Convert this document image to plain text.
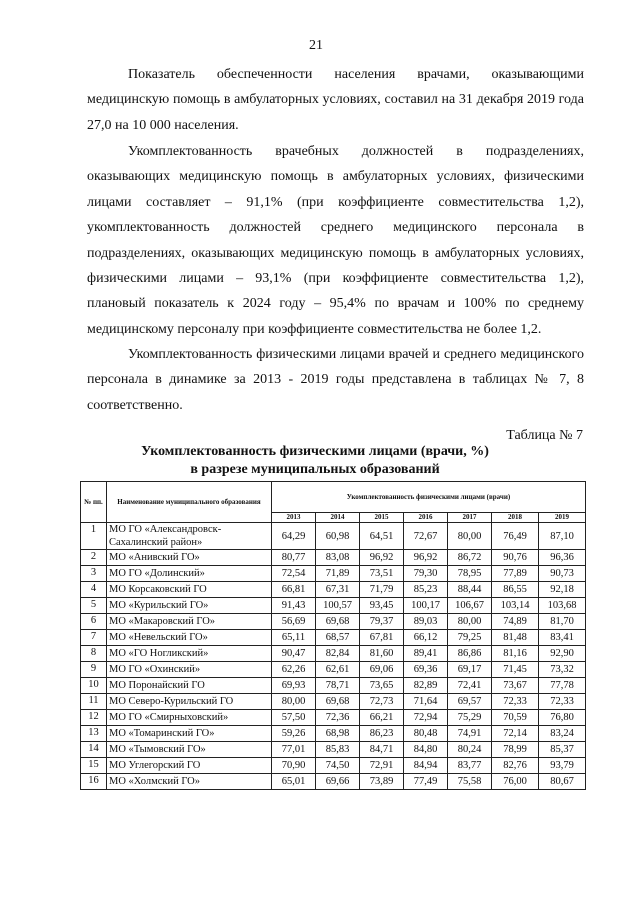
21

Показатель обеспеченности населения врачами, оказывающими медицинскую помощь в амбулаторных условиях, составил на 31 декабря 2019 года 27,0 на 10 000 населения.

Укомплектованность врачебных должностей в подразделениях, оказывающих медицинскую помощь в амбулаторных условиях, физическими лицами составляет – 91,1% (при коэффициенте совместительства 1,2), укомплектованность должностей среднего медицинского персонала в подразделениях, оказывающих медицинскую помощь в амбулаторных условиях, физическими лицами – 93,1% (при коэффициенте совместительства 1,2), плановый показатель к 2024 году – 95,4% по врачам и 100% по среднему медицинскому персоналу при коэффициенте совместительства не более 1,2.

Укомплектованность физическими лицами врачей и среднего медицинского персонала в динамике за 2013 - 2019 годы представлена в таблицах № 7, 8 соответственно.

Таблица № 7
Укомплектованность физическими лицами (врачи, %)
в разрезе муниципальных образований
№ пп.	Наименование муниципального образования	Укомплектованность физическими лицами (врачи)						
		2013	2014	2015	2016	2017	2018	2019
1	МО ГО «Александровск-Сахалинский район»	64,29	60,98	64,51	72,67	80,00	76,49	87,10
2	МО «Анивский ГО»	80,77	83,08	96,92	96,92	86,72	90,76	96,36
3	МО ГО «Долинский»	72,54	71,89	73,51	79,30	78,95	77,89	90,73
4	МО Корсаковский ГО	66,81	67,31	71,79	85,23	88,44	86,55	92,18
5	МО «Курильский ГО»	91,43	100,57	93,45	100,17	106,67	103,14	103,68
6	МО «Макаровский ГО»	56,69	69,68	79,37	89,03	80,00	74,89	81,70
7	МО «Невельский ГО»	65,11	68,57	67,81	66,12	79,25	81,48	83,41
8	МО «ГО Ногликский»	90,47	82,84	81,60	89,41	86,86	81,16	92,90
9	МО ГО «Охинский»	62,26	62,61	69,06	69,36	69,17	71,45	73,32
10	МО Поронайский ГО	69,93	78,71	73,65	82,89	72,41	73,67	77,78
11	МО Северо-Курильский ГО	80,00	69,68	72,73	71,64	69,57	72,33	72,33
12	МО ГО «Смирныховский»	57,50	72,36	66,21	72,94	75,29	70,59	76,80
13	МО «Томаринский ГО»	59,26	68,98	86,23	80,48	74,91	72,14	83,24
14	МО «Тымовский ГО»	77,01	85,83	84,71	84,80	80,24	78,99	85,37
15	МО Углегорский ГО	70,90	74,50	72,91	84,94	83,77	82,76	93,79
16	МО «Холмский ГО»	65,01	69,66	73,89	77,49	75,58	76,00	80,67
